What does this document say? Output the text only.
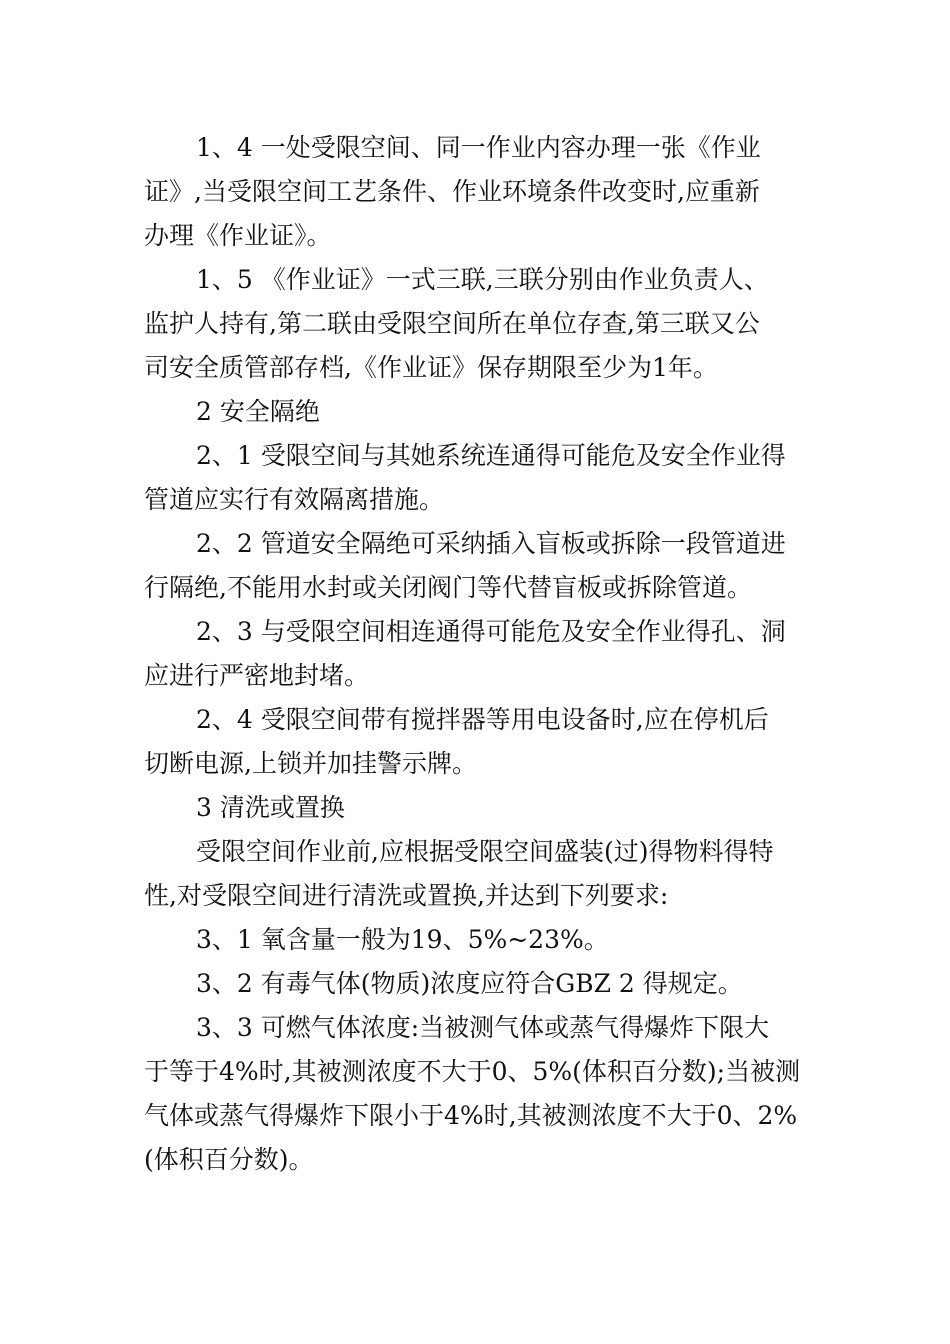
1、4 一处受限空间、同一作业内容办理一张《作业
证》,当受限空间工艺条件、作业环境条件改变时,应重新
办理《作业证》。
1、5 《作业证》一式三联,三联分别由作业负责人、
监护人持有,第二联由受限空间所在单位存查,第三联又公
司安全质管部存档,《作业证》保存期限至少为1年。
2 安全隔绝
2、1 受限空间与其她系统连通得可能危及安全作业得
管道应实行有效隔离措施。
2、2 管道安全隔绝可采纳插入盲板或拆除一段管道进
行隔绝,不能用水封或关闭阀门等代替盲板或拆除管道。
2、3 与受限空间相连通得可能危及安全作业得孔、洞
应进行严密地封堵。
2、4 受限空间带有搅拌器等用电设备时,应在停机后
切断电源,上锁并加挂警示牌。
3 清洗或置换
受限空间作业前,应根据受限空间盛装(过)得物料得特
性,对受限空间进行清洗或置换,并达到下列要求:
3、1 氧含量一般为19、5%~23%。
3、2 有毒气体(物质)浓度应符合GBZ 2 得规定。
3、3 可燃气体浓度:当被测气体或蒸气得爆炸下限大
于等于4%时,其被测浓度不大于0、5%(体积百分数);当被测
气体或蒸气得爆炸下限小于4%时,其被测浓度不大于0、2%
(体积百分数)。
